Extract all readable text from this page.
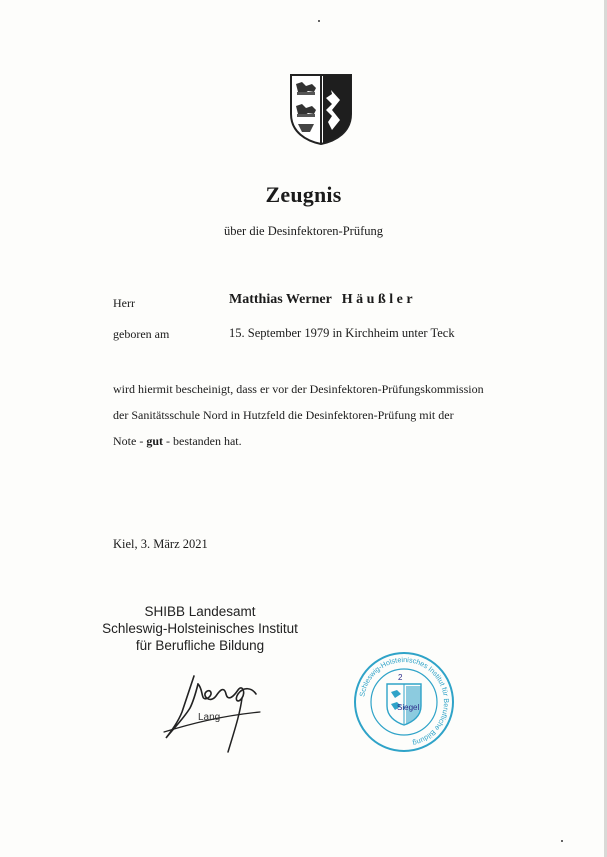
Zeugnis
über die Desinfektoren-Prüfung
Herr	Matthias Werner Häußler
geboren am	15. September 1979 in Kirchheim unter Teck
wird hiermit bescheinigt, dass er vor der Desinfektoren-Prüfungskommission
der Sanitätsschule Nord in Hutzfeld die Desinfektoren-Prüfung mit der
Note - gut - bestanden hat.
Kiel, 3. März 2021
SHIBB Landesamt
Schleswig-Holsteinisches Institut
für Berufliche Bildung
Lang
Schleswig-Holsteinisches Institut für Berufliche Bildung
2
Siegel
